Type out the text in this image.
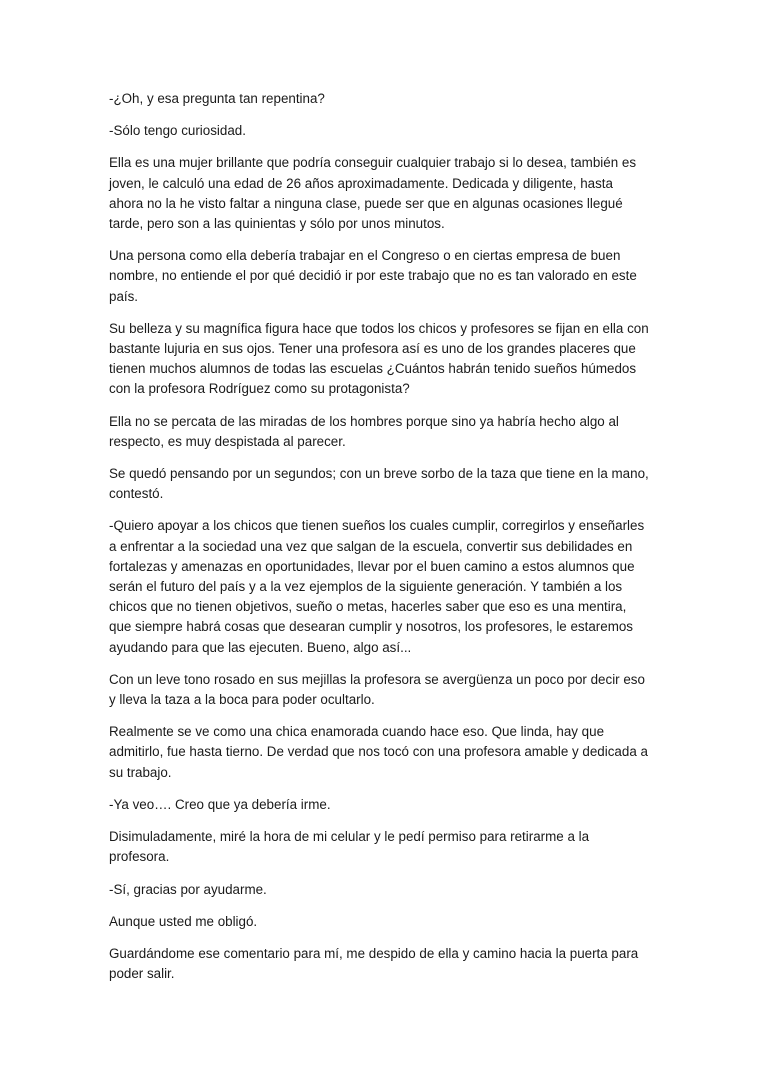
-¿Oh, y esa pregunta tan repentina?

-Sólo tengo curiosidad.

Ella es una mujer brillante que podría conseguir cualquier trabajo si lo desea, también es joven, le calculó una edad de 26 años aproximadamente. Dedicada y diligente, hasta ahora no la he visto faltar a ninguna clase, puede ser que en algunas ocasiones llegué tarde, pero son a las quinientas y sólo por unos minutos.

Una persona como ella debería trabajar en el Congreso o en ciertas empresa de buen nombre, no entiende el por qué decidió ir por este trabajo que no es tan valorado en este país.

Su belleza y su magnífica figura hace que todos los chicos y profesores se fijan en ella con bastante lujuria en sus ojos. Tener una profesora así es uno de los grandes placeres que tienen muchos alumnos de todas las escuelas ¿Cuántos habrán tenido sueños húmedos con la profesora Rodríguez como su protagonista?

Ella no se percata de las miradas de los hombres porque sino ya habría hecho algo al respecto, es muy despistada al parecer.

Se quedó pensando por un segundos; con un breve sorbo de la taza que tiene en la mano, contestó.

-Quiero apoyar a los chicos que tienen sueños los cuales cumplir, corregirlos y enseñarles a enfrentar a la sociedad una vez que salgan de la escuela, convertir sus debilidades en fortalezas y amenazas en oportunidades, llevar por el buen camino a estos alumnos que serán el futuro del país y a la vez ejemplos de la siguiente generación. Y también a los chicos que no tienen objetivos, sueño o metas, hacerles saber que eso es una mentira, que siempre habrá cosas que desearan cumplir y nosotros, los profesores, le estaremos ayudando para que las ejecuten. Bueno, algo así...

Con un leve tono rosado en sus mejillas la profesora se avergüenza un poco por decir eso y lleva la taza a la boca para poder ocultarlo.

Realmente se ve como una chica enamorada cuando hace eso. Que linda, hay que admitirlo, fue hasta tierno. De verdad que nos tocó con una profesora amable y dedicada a su trabajo.

-Ya veo…. Creo que ya debería irme.

Disimuladamente, miré la hora de mi celular y le pedí permiso para retirarme a la profesora.

-Sí, gracias por ayudarme.

Aunque usted me obligó.

Guardándome ese comentario para mí, me despido de ella y camino hacia la puerta para poder salir.
